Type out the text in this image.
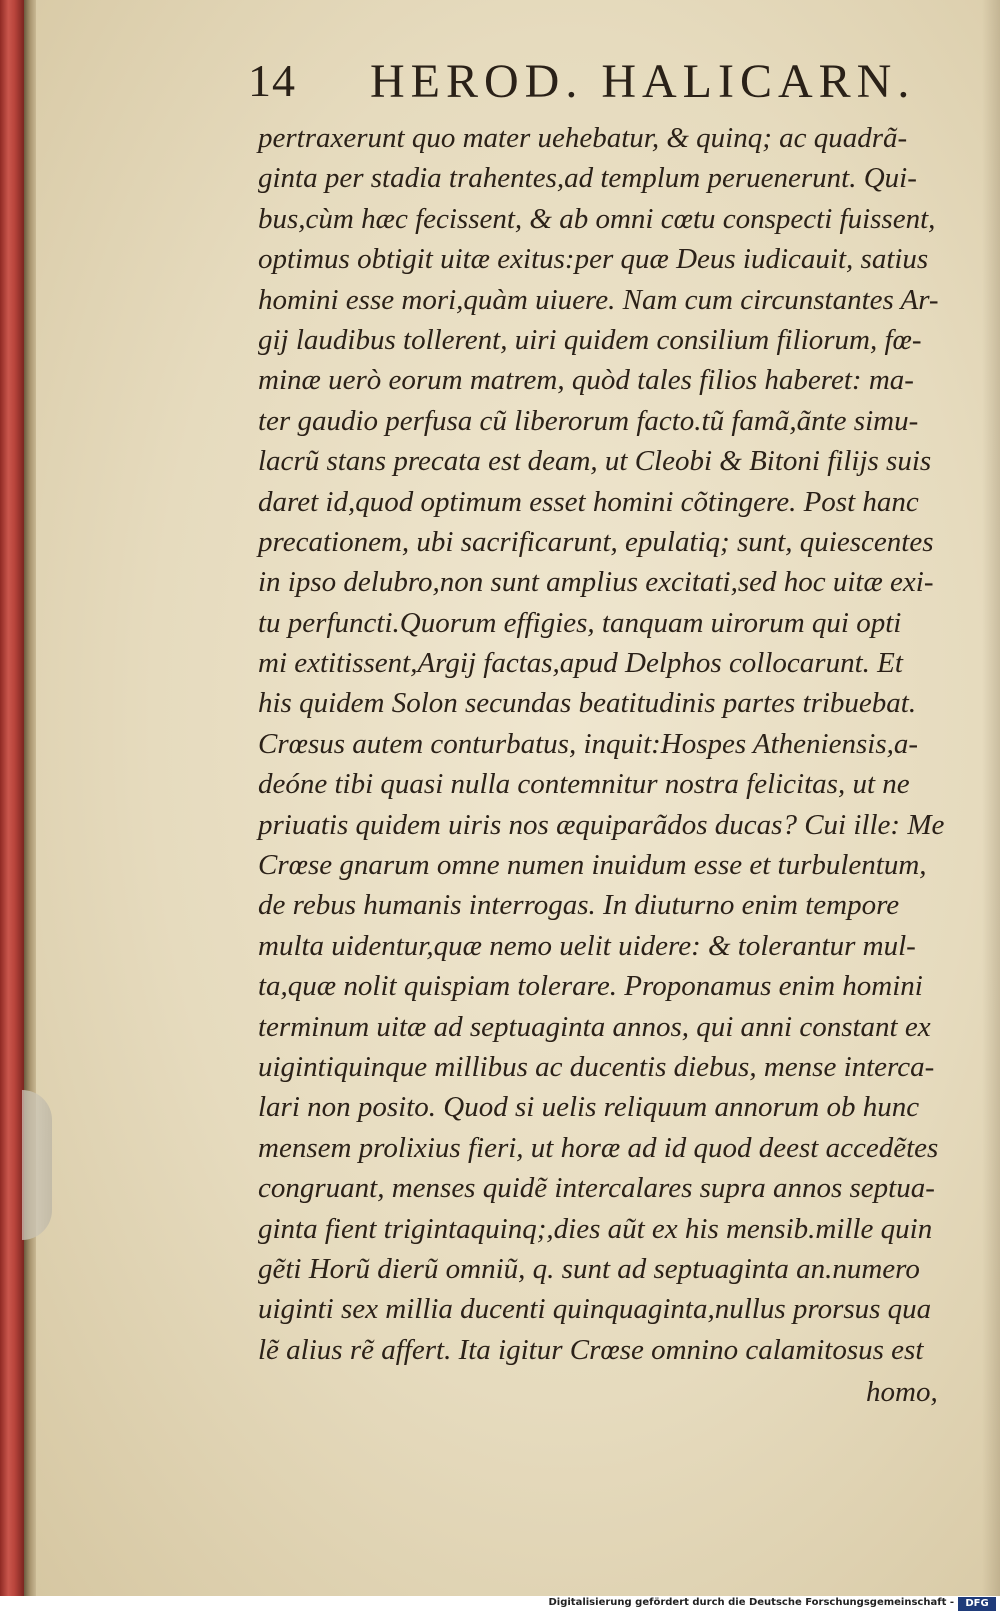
14 HEROD. HALICARN.
pertraxerunt quo mater uehebatur, & quinq; ac quadrã-
ginta per stadia trahentes,ad templum peruenerunt. Qui-
bus,cùm hæc fecissent, & ab omni cœtu conspecti fuissent,
optimus obtigit uitæ exitus:per quæ Deus iudicauit, satius
homini esse mori,quàm uiuere. Nam cum circunstantes Ar-
gij laudibus tollerent, uiri quidem consilium filiorum, fœ-
minæ uerò eorum matrem, quòd tales filios haberet: ma-
ter gaudio perfusa cũ liberorum facto.tũ famã,ãnte simu-
lacrũ stans precata est deam, ut Cleobi & Bitoni filijs suis
daret id,quod optimum esset homini cõtingere. Post hanc
precationem, ubi sacrificarunt, epulatiq; sunt, quiescentes
in ipso delubro,non sunt amplius excitati,sed hoc uitæ exi-
tu perfuncti.Quorum effigies, tanquam uirorum qui opti
mi extitissent,Argij factas,apud Delphos collocarunt. Et
his quidem Solon secundas beatitudinis partes tribuebat.
Crœsus autem conturbatus, inquit:Hospes Atheniensis,a-
deóne tibi quasi nulla contemnitur nostra felicitas, ut ne
priuatis quidem uiris nos æquiparãdos ducas? Cui ille: Me
Crœse gnarum omne numen inuidum esse et turbulentum,
de rebus humanis interrogas. In diuturno enim tempore
multa uidentur,quæ nemo uelit uidere: & tolerantur mul-
ta,quæ nolit quispiam tolerare. Proponamus enim homini
terminum uitæ ad septuaginta annos, qui anni constant ex
uigintiquinque millibus ac ducentis diebus, mense interca-
lari non posito. Quod si uelis reliquum annorum ob hunc
mensem prolixius fieri, ut horæ ad id quod deest accedẽtes
congruant, menses quidẽ intercalares supra annos septua-
ginta fient trigintaquinq;,dies aũt ex his mensib.mille quin
gẽti Horũ dierũ omniũ, q. sunt ad septuaginta an.numero
uiginti sex millia ducenti quinquaginta,nullus prorsus qua
lẽ alius rẽ affert. Ita igitur Crœse omnino calamitosus est
homo,
Digitalisierung gefördert durch die Deutsche Forschungsgemeinschaft -	DFG
